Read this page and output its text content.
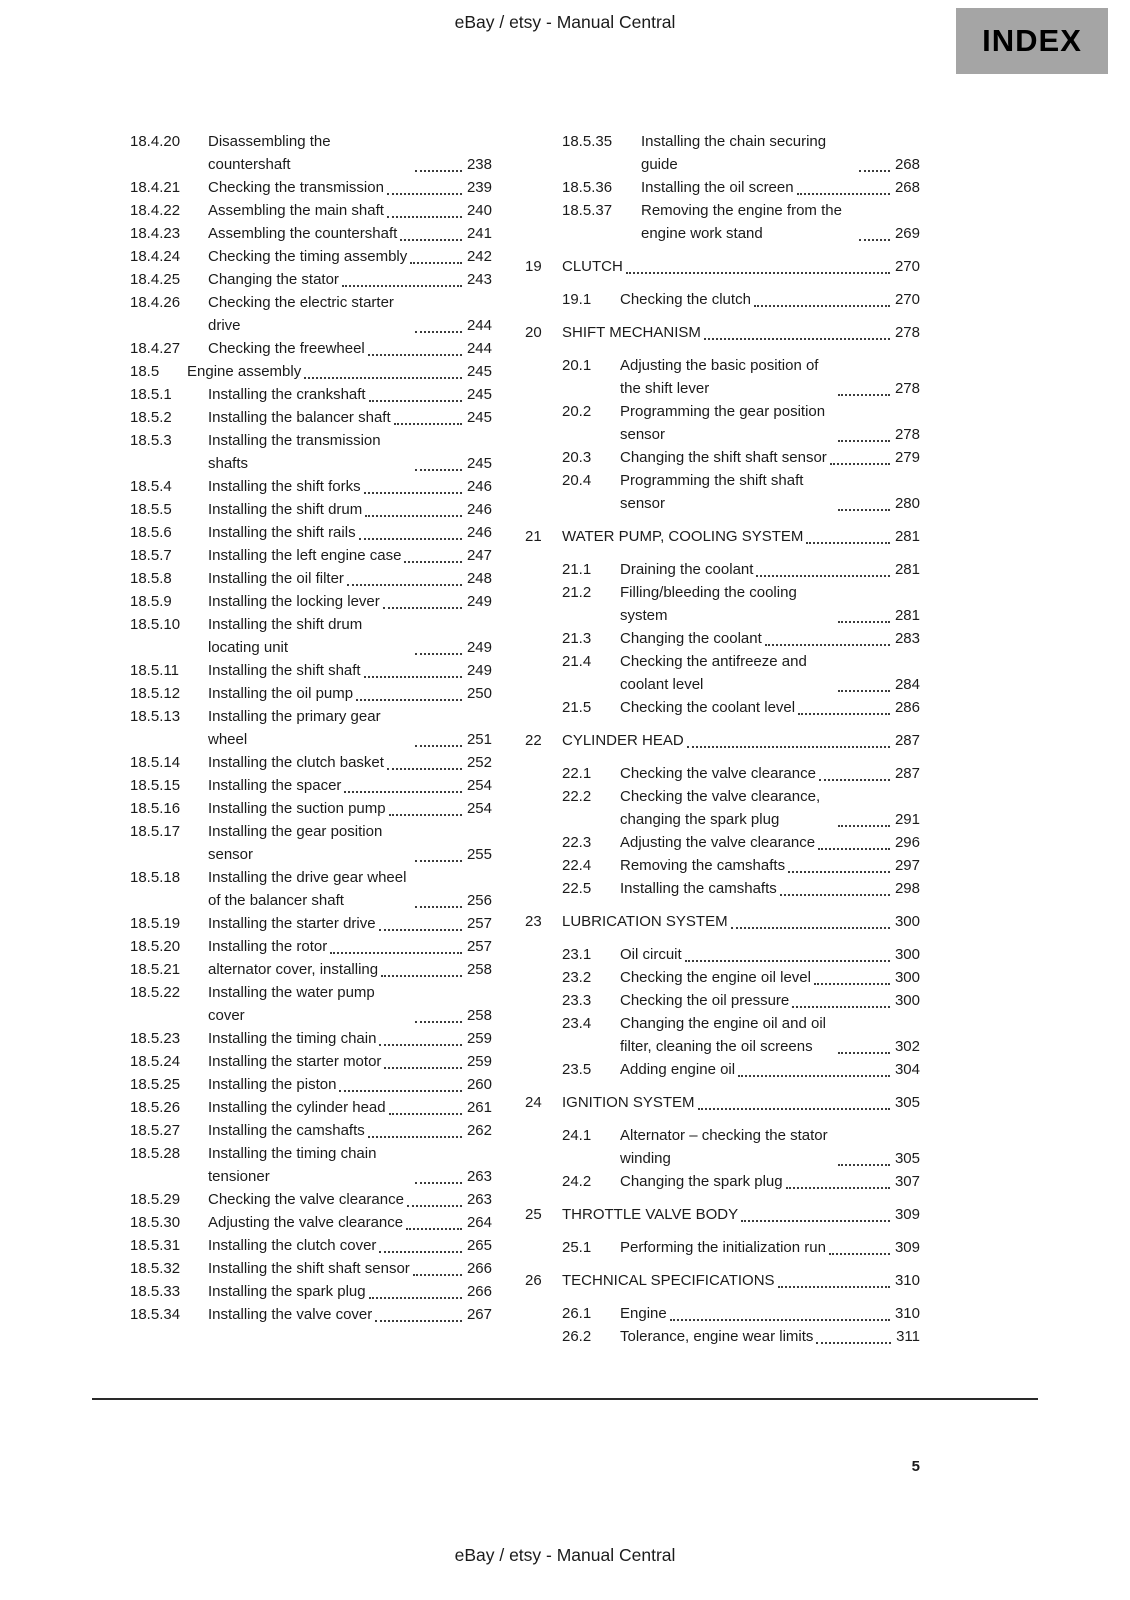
eBay / etsy - Manual Central
INDEX
18.4.20	Disassembling the countershaft	238
18.4.21	Checking the transmission	239
18.4.22	Assembling the main shaft	240
18.4.23	Assembling the countershaft	241
18.4.24	Checking the timing assembly	242
18.4.25	Changing the stator	243
18.4.26	Checking the electric starter drive	244
18.4.27	Checking the freewheel	244
18.5	Engine assembly	245
18.5.1	Installing the crankshaft	245
18.5.2	Installing the balancer shaft	245
18.5.3	Installing the transmission shafts	245
18.5.4	Installing the shift forks	246
18.5.5	Installing the shift drum	246
18.5.6	Installing the shift rails	246
18.5.7	Installing the left engine case	247
18.5.8	Installing the oil filter	248
18.5.9	Installing the locking lever	249
18.5.10	Installing the shift drum locating unit	249
18.5.11	Installing the shift shaft	249
18.5.12	Installing the oil pump	250
18.5.13	Installing the primary gear wheel	251
18.5.14	Installing the clutch basket	252
18.5.15	Installing the spacer	254
18.5.16	Installing the suction pump	254
18.5.17	Installing the gear position sensor	255
18.5.18	Installing the drive gear wheel of the balancer shaft	256
18.5.19	Installing the starter drive	257
18.5.20	Installing the rotor	257
18.5.21	alternator cover, installing	258
18.5.22	Installing the water pump cover	258
18.5.23	Installing the timing chain	259
18.5.24	Installing the starter motor	259
18.5.25	Installing the piston	260
18.5.26	Installing the cylinder head	261
18.5.27	Installing the camshafts	262
18.5.28	Installing the timing chain tensioner	263
18.5.29	Checking the valve clearance	263
18.5.30	Adjusting the valve clearance	264
18.5.31	Installing the clutch cover	265
18.5.32	Installing the shift shaft sensor	266
18.5.33	Installing the spark plug	266
18.5.34	Installing the valve cover	267
18.5.35	Installing the chain securing guide	268
18.5.36	Installing the oil screen	268
18.5.37	Removing the engine from the engine work stand	269
19	CLUTCH	270
19.1	Checking the clutch	270
20	SHIFT MECHANISM	278
20.1	Adjusting the basic position of the shift lever	278
20.2	Programming the gear position sensor	278
20.3	Changing the shift shaft sensor	279
20.4	Programming the shift shaft sensor	280
21	WATER PUMP, COOLING SYSTEM	281
21.1	Draining the coolant	281
21.2	Filling/bleeding the cooling system	281
21.3	Changing the coolant	283
21.4	Checking the antifreeze and coolant level	284
21.5	Checking the coolant level	286
22	CYLINDER HEAD	287
22.1	Checking the valve clearance	287
22.2	Checking the valve clearance, changing the spark plug	291
22.3	Adjusting the valve clearance	296
22.4	Removing the camshafts	297
22.5	Installing the camshafts	298
23	LUBRICATION SYSTEM	300
23.1	Oil circuit	300
23.2	Checking the engine oil level	300
23.3	Checking the oil pressure	300
23.4	Changing the engine oil and oil filter, cleaning the oil screens	302
23.5	Adding engine oil	304
24	IGNITION SYSTEM	305
24.1	Alternator – checking the stator winding	305
24.2	Changing the spark plug	307
25	THROTTLE VALVE BODY	309
25.1	Performing the initialization run	309
26	TECHNICAL SPECIFICATIONS	310
26.1	Engine	310
26.2	Tolerance, engine wear limits	311
5
eBay / etsy - Manual Central
